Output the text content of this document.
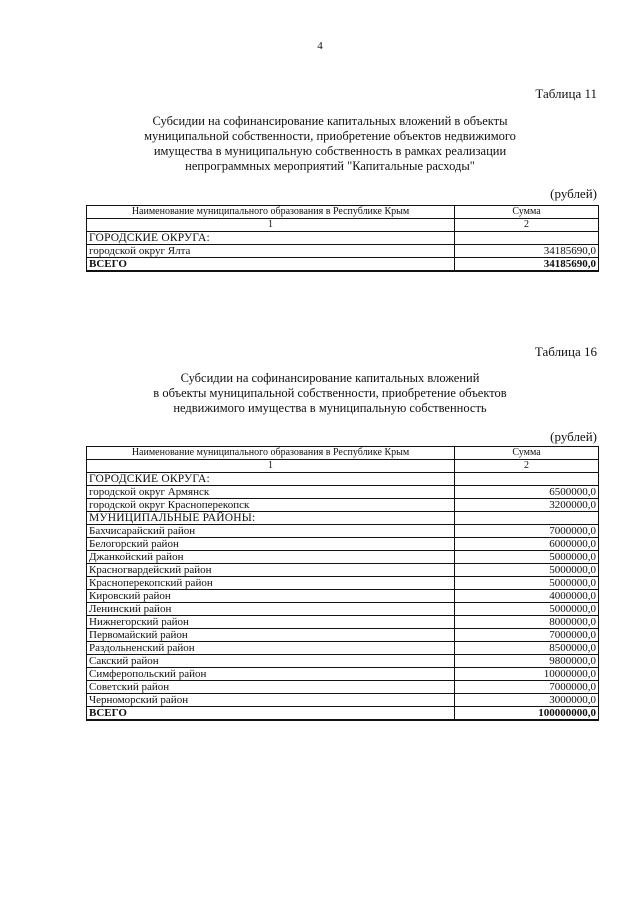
4
Таблица 11
Субсидии на софинансирование капитальных вложений в объекты
муниципальной собственности, приобретение объектов недвижимого
имущества в муниципальную собственность в рамках реализации
непрограммных мероприятий "Капитальные расходы"
(рублей)
Наименование муниципального образования в Республике Крым	Сумма
1	2
ГОРОДСКИЕ ОКРУГА:	
городской округ Ялта	34185690,0
ВСЕГО	34185690,0
Таблица 16
Субсидии на софинансирование капитальных вложений
в объекты муниципальной собственности, приобретение объектов
недвижимого имущества в муниципальную собственность
(рублей)
Наименование муниципального образования в Республике Крым	Сумма
1	2
ГОРОДСКИЕ ОКРУГА:	
городской округ Армянск	6500000,0
городской округ Красноперекопск	3200000,0
МУНИЦИПАЛЬНЫЕ РАЙОНЫ:	
Бахчисарайский район	7000000,0
Белогорский район	6000000,0
Джанкойский район	5000000,0
Красногвардейский район	5000000,0
Красноперекопский район	5000000,0
Кировский район	4000000,0
Ленинский район	5000000,0
Нижнегорский район	8000000,0
Первомайский район	7000000,0
Раздольненский район	8500000,0
Сакский район	9800000,0
Симферопольский район	10000000,0
Советский район	7000000,0
Черноморский район	3000000,0
ВСЕГО	100000000,0
